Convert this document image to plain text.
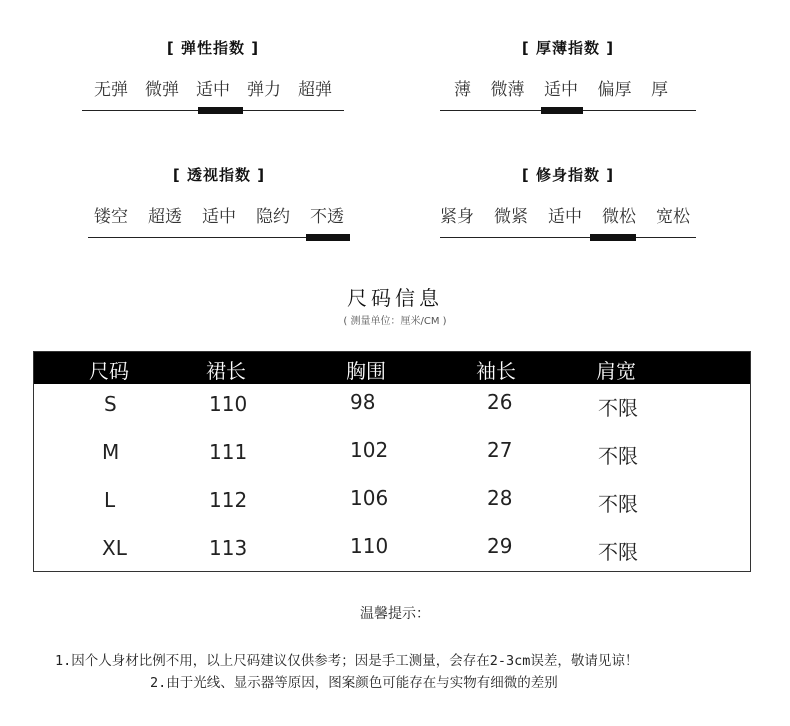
[ 弹性指数 ]
无弹 微弹 适中 弹力 超弹
[ 厚薄指数 ]
薄 微薄 适中 偏厚 厚
[ 透视指数 ]
镂空 超透 适中 隐约 不透
[ 修身指数 ]
紧身 微紧 适中 微松 宽松
尺码信息
( 测量单位：厘米/CM )
尺码	裙长	胸围	袖长	肩宽
S	110	98	26	不限
M	111	102	27	不限
L	112	106	28	不限
XL	113	110	29	不限
温馨提示：
1.因个人身材比例不用，以上尺码建议仅供参考；因是手工测量，会存在2-3cm误差，敬请见谅！
2.由于光线、显示器等原因，图案颜色可能存在与实物有细微的差别
